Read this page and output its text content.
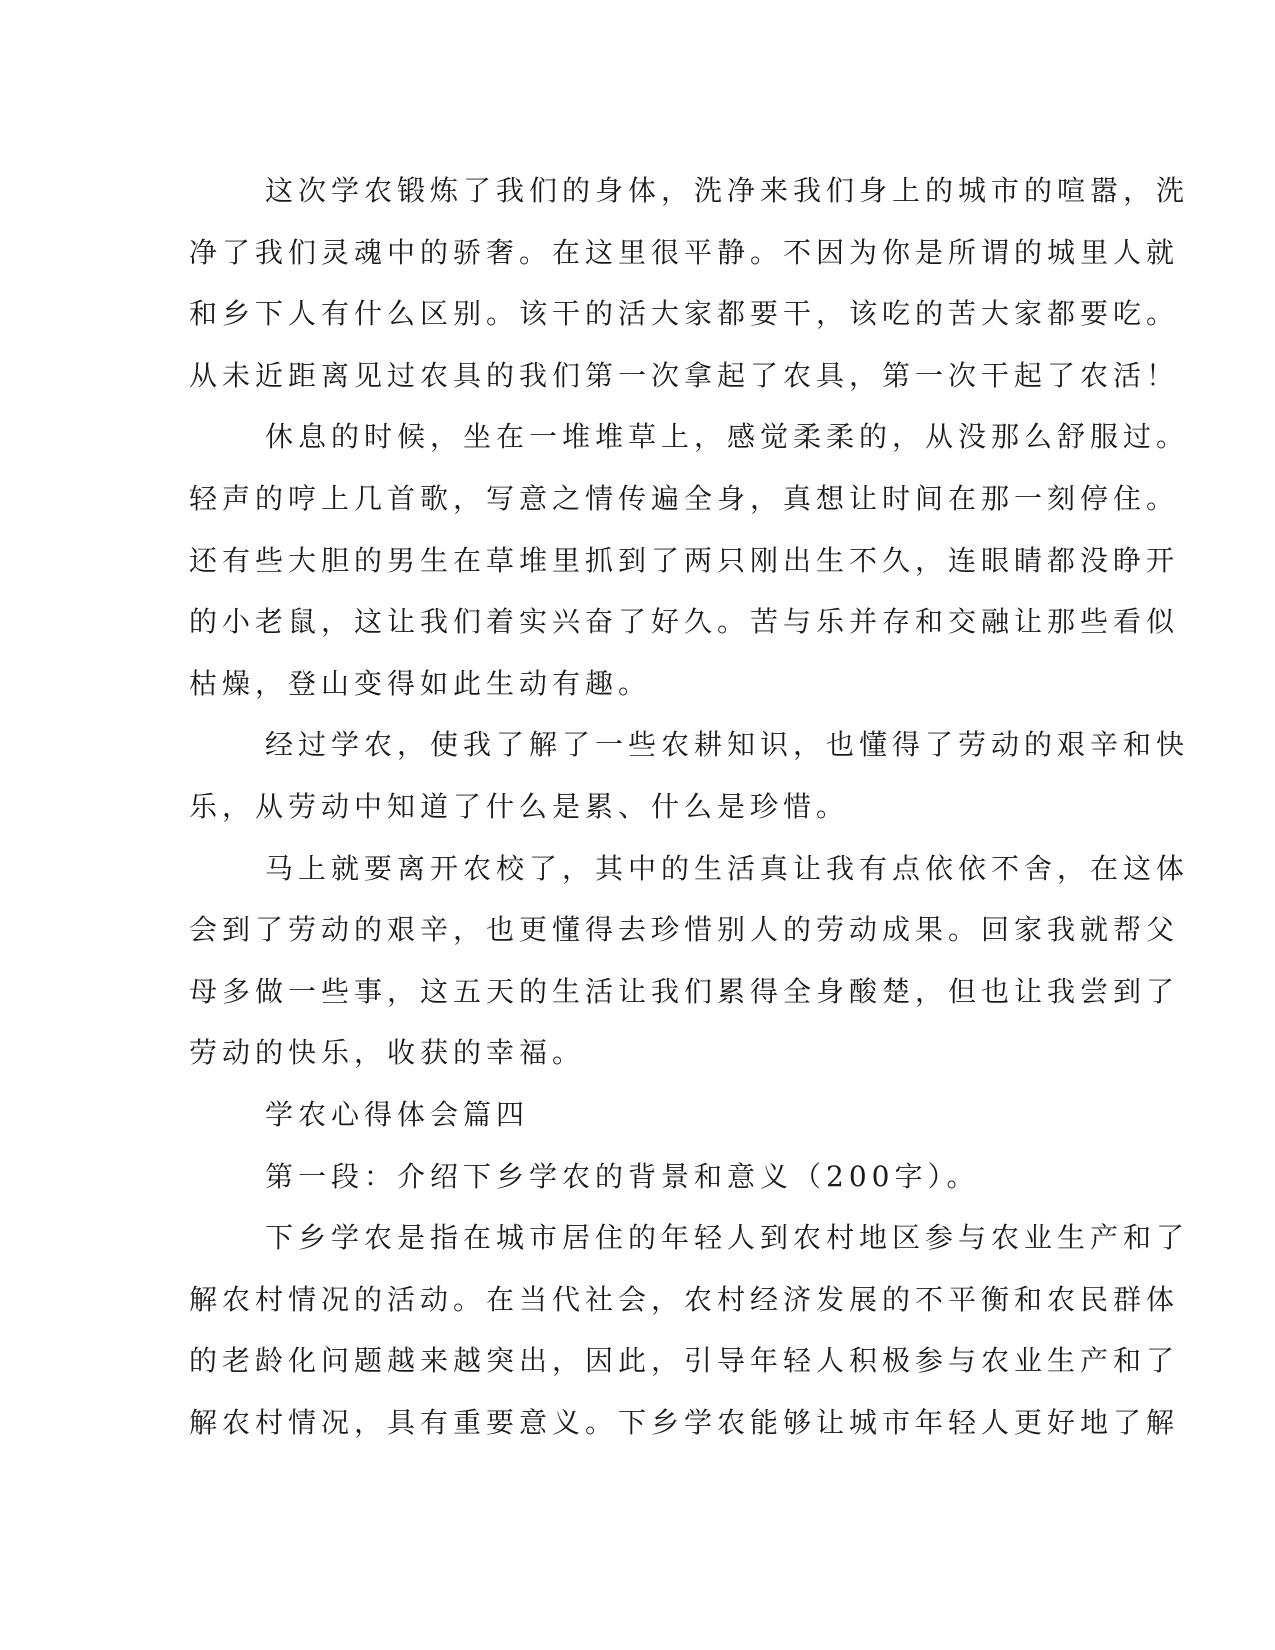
这次学农锻炼了我们的身体，洗净来我们身上的城市的喧嚣，洗
净了我们灵魂中的骄奢。在这里很平静。不因为你是所谓的城里人就
和乡下人有什么区别。该干的活大家都要干，该吃的苦大家都要吃。
从未近距离见过农具的我们第一次拿起了农具，第一次干起了农活！
休息的时候，坐在一堆堆草上，感觉柔柔的，从没那么舒服过。
轻声的哼上几首歌，写意之情传遍全身，真想让时间在那一刻停住。
还有些大胆的男生在草堆里抓到了两只刚出生不久，连眼睛都没睁开
的小老鼠，这让我们着实兴奋了好久。苦与乐并存和交融让那些看似
枯燥，登山变得如此生动有趣。
经过学农，使我了解了一些农耕知识，也懂得了劳动的艰辛和快
乐，从劳动中知道了什么是累、什么是珍惜。
马上就要离开农校了，其中的生活真让我有点依依不舍，在这体
会到了劳动的艰辛，也更懂得去珍惜别人的劳动成果。回家我就帮父
母多做一些事，这五天的生活让我们累得全身酸楚，但也让我尝到了
劳动的快乐，收获的幸福。
学农心得体会篇四
第一段：介绍下乡学农的背景和意义（200字）。
下乡学农是指在城市居住的年轻人到农村地区参与农业生产和了
解农村情况的活动。在当代社会，农村经济发展的不平衡和农民群体
的老龄化问题越来越突出，因此，引导年轻人积极参与农业生产和了
解农村情况，具有重要意义。下乡学农能够让城市年轻人更好地了解
